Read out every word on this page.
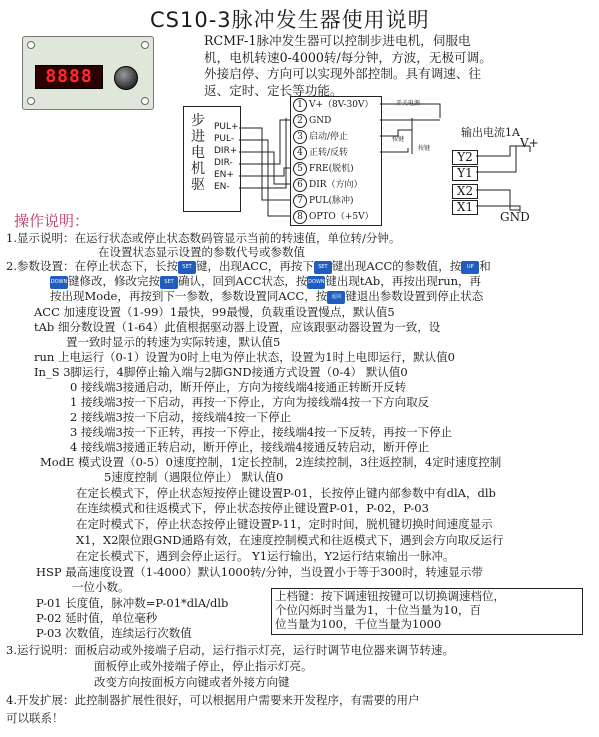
CS10-3脉冲发生器使用说明
8888

RCMF-1脉冲发生器可以控制步进电机，伺服电

机，电机转速0-4000转/每分钟，方波，无极可调。

外接启停、方向可以实现外部控制。具有调速、往

返、定时、定长等功能。

步
进
电
机
驱
PUL+
PUL-
DIR+
DIR-
EN+
EN-
1 V+（8V-30V）
2 GND
3 启动/停止
4 正转/反转
5 FRE(脱机)
6 DIR（方向）
7 PUL(脉冲)
8 OPTO（+5V）
开关电源
按键
按键
输出电流1A
V+
Y2
Y1
X2
X1
GND
操作说明：
1.显示说明：在运行状态或停止状态数码管显示当前的转速值，单位转/分钟。
在设置状态显示设置的参数代号或参数值
2.参数设置：在停止状态下，长按 SET 键，出现ACC，再按下 SET 键出现ACC的参数值，按 UP 和
DOWN键修改，修改完按 SET 确认，回到ACC状态，按DOWN键出现tAb，再按出现run，再
按出现Mode，再按到下一参数，参数设置同ACC，按 返回 键退出参数设置到停止状态
ACC 加速度设置（1-99）1最快，99最慢，负载重设置慢点，默认值5
tAb 细分数设置（1-64）此值根据驱动器上设置，应该跟驱动器设置为一致，设
置一致时显示的转速为实际转速，默认值5
run 上电运行（0-1）设置为0时上电为停止状态，设置为1时上电即运行，默认值0
In_S 3脚运行，4脚停止输入端与2脚GND接通方式设置（0-4） 默认值0
0 接线端3接通启动，断开停止，方向为接线端4接通正转断开反转
1 接线端3按一下启动，再按一下停止，方向为接线端4按一下方向取反
2 接线端3按一下启动，接线端4按一下停止
3 接线端3按一下正转，再按一下停止，接线端4按一下反转，再按一下停止
4 接线端3接通正转启动，断开停止，接线端4接通反转启动，断开停止
ModE 模式设置（0-5）0速度控制，1定长控制，2连续控制，3往返控制，4定时速度控制
5速度控制（遇限位停止） 默认值0
在定长模式下，停止状态短按停止键设置P-01，长按停止键内部参数中有dlA，dlb
在连续模式和往返模式下，停止状态按停止键设置P-01，P-02，P-03
在定时模式下，停止状态按停止键设置P-11，定时时间，脱机键切换时间速度显示
X1，X2限位跟GND通路有效，在速度控制模式和往返模式下，遇到会方向取反运行
在定长模式下，遇到会停止运行。 Y1运行输出，Y2运行结束输出一脉冲。
HSP 最高速度设置（1-4000）默认1000转/分钟，当设置小于等于300时，转速显示带
一位小数。
P-01 长度值，脉冲数=P-01*dlA/dlb
P-02 延时值，单位毫秒
P-03 次数值，连续运行次数值
上档键：按下调速钮按键可以切换调速档位，
个位闪烁时当量为1，十位当量为10，百
位当量为100，千位当量为1000
3.运行说明：面板启动或外接端子启动，运行指示灯亮，运行时调节电位器来调节转速。
面板停止或外接端子停止，停止指示灯亮。
改变方向按面板方向键或者外接方向键
4.开发扩展：此控制器扩展性很好，可以根据用户需要来开发程序，有需要的用户
可以联系！
